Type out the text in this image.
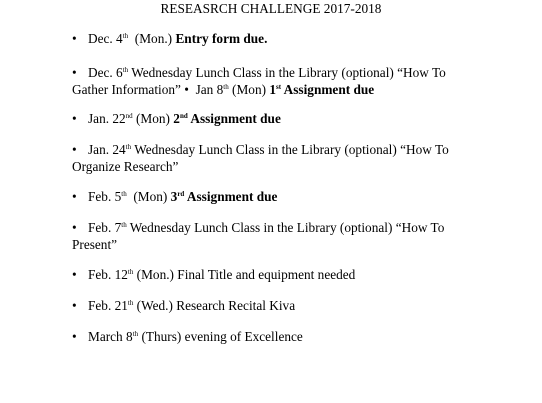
RESEASRCH CHALLENGE 2017-2018
• Dec. 4th  (Mon.) Entry form due.
• Dec. 6th Wednesday Lunch Class in the Library (optional) “How To Gather Information” •  Jan 8th (Mon) 1st Assignment due
• Jan. 22nd (Mon) 2nd Assignment due
• Jan. 24th Wednesday Lunch Class in the Library (optional) “How To Organize Research”
• Feb. 5th  (Mon) 3rd Assignment due
• Feb. 7th Wednesday Lunch Class in the Library (optional) “How To Present”
• Feb. 12th (Mon.) Final Title and equipment needed
• Feb. 21th (Wed.) Research Recital Kiva
• March 8th (Thurs) evening of Excellence
